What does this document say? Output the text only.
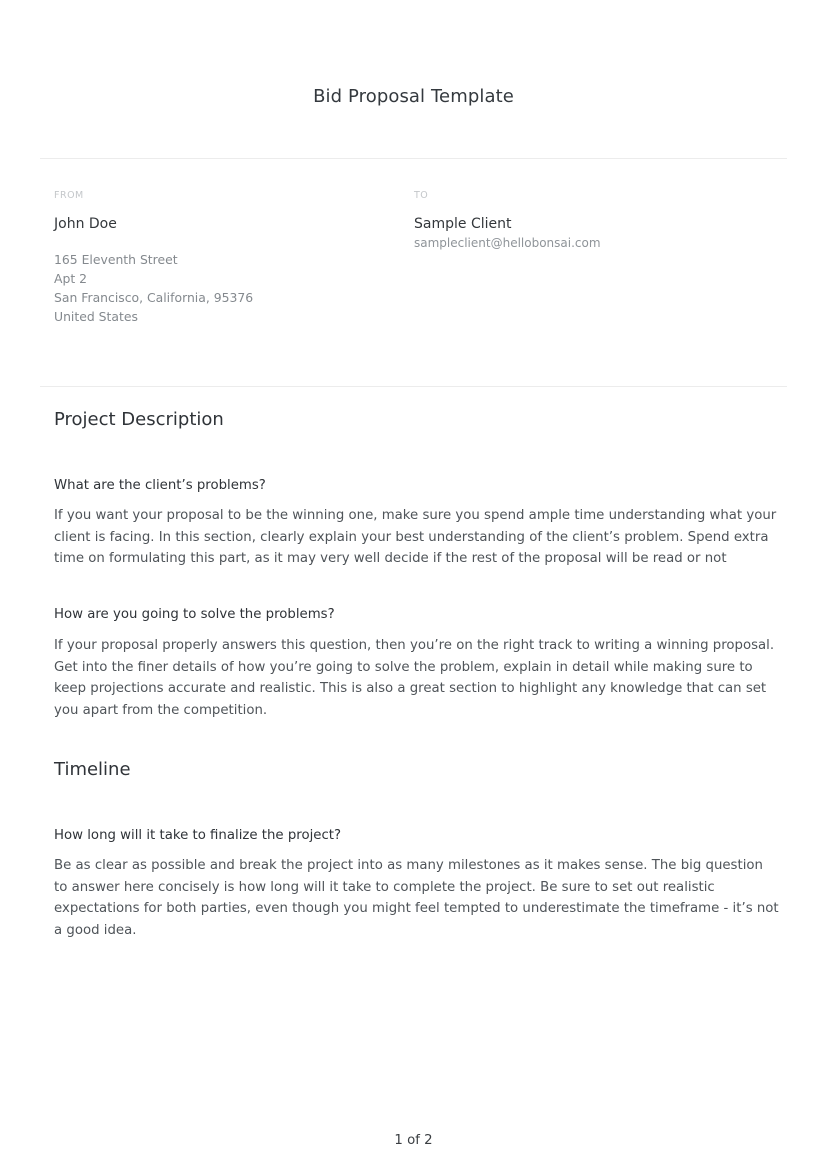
Bid Proposal Template
FROM
John Doe
165 Eleventh Street
Apt 2
San Francisco, California, 95376
United States
TO
Sample Client
sampleclient@hellobonsai.com
Project Description
What are the client’s problems?
If you want your proposal to be the winning one, make sure you spend ample time understanding what your client is facing. In this section, clearly explain your best understanding of the client’s problem. Spend extra time on formulating this part, as it may very well decide if the rest of the proposal will be read or not
How are you going to solve the problems?
If your proposal properly answers this question, then you’re on the right track to writing a winning proposal. Get into the finer details of how you’re going to solve the problem, explain in detail while making sure to keep projections accurate and realistic. This is also a great section to highlight any knowledge that can set you apart from the competition.
Timeline
How long will it take to finalize the project?
Be as clear as possible and break the project into as many milestones as it makes sense. The big question to answer here concisely is how long will it take to complete the project. Be sure to set out realistic expectations for both parties, even though you might feel tempted to underestimate the timeframe - it’s not a good idea.
1 of 2
